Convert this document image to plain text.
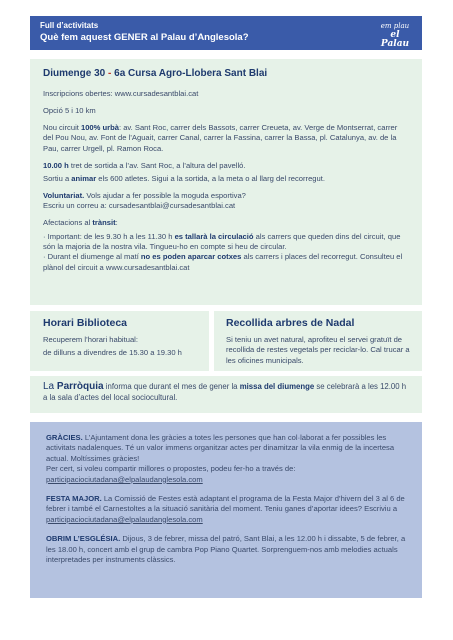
Full d’activitats
Què fem aquest GENER al Palau d’Anglesola?
em plau
el Palau
Diumenge 30 - 6a Cursa Agro-Llobera Sant Blai

Inscripcions obertes: www.cursadesantblai.cat

Opció 5 i 10 km

Nou circuit 100% urbà: av. Sant Roc, carrer dels Bassots, carrer Creueta, av. Verge de Montserrat, carrer del Pou Nou, av. Font de l’Aguait, carrer Canal, carrer la Fassina, carrer la Bassa, pl. Catalunya, av. de la Pau, carrer Urgell, pl. Ramon Roca.

10.00 h tret de sortida a l’av. Sant Roc, a l’altura del pavelló.

Sortiu a animar els 600 atletes. Sigui a la sortida, a la meta o al llarg del recorregut.

Voluntariat. Vols ajudar a fer possible la moguda esportiva?

Escriu un correu a: cursadesantblai@cursadesantblai.cat

Afectacions al trànsit:

· Important: de les 9.30 h a les 11.30 h es tallarà la circulació als carrers que queden dins del circuit, que són la majoria de la nostra vila. Tingueu-ho en compte si heu de circular.

· Durant el diumenge al matí no es poden aparcar cotxes als carrers i places del recorregut. Consulteu el plànol del circuit a www.cursadesantblai.cat

Horari Biblioteca

Recuperem l’horari habitual:

de dilluns a divendres de 15.30 a 19.30 h

Recollida arbres de Nadal

Si teniu un avet natural, aprofiteu el servei gratuït de recollida de restes vegetals per reciclar-lo. Cal trucar a les oficines municipals.

La Parròquia informa que durant el mes de gener la missa del diumenge se celebrarà a les 12.00 h a la sala d’actes del local sociocultural.

GRÀCIES. L’Ajuntament dona les gràcies a totes les persones que han col·laborat a fer possibles les activitats nadalenques. Té un valor immens organitzar actes per dinamitzar la vila enmig de la incertesa actual. Moltíssimes gràcies!

Per cert, si voleu compartir millores o propostes, podeu fer-ho a través de:

participaciociutadana@elpalaudanglesola.com

FESTA MAJOR. La Comissió de Festes està adaptant el programa de la Festa Major d’hivern del 3 al 6 de febrer i també el Carnestoltes a la situació sanitària del moment. Teniu ganes d’aportar idees? Escriviu a participaciociutadana@elpalaudanglesola.com

OBRIM L’ESGLÉSIA. Dijous, 3 de febrer, missa del patró, Sant Blai, a les 12.00 h i dissabte, 5 de febrer, a les 18.00 h, concert amb el grup de cambra Pop Piano Quartet. Sorprenguem-nos amb melodies actuals interpretades per instruments clàssics.
